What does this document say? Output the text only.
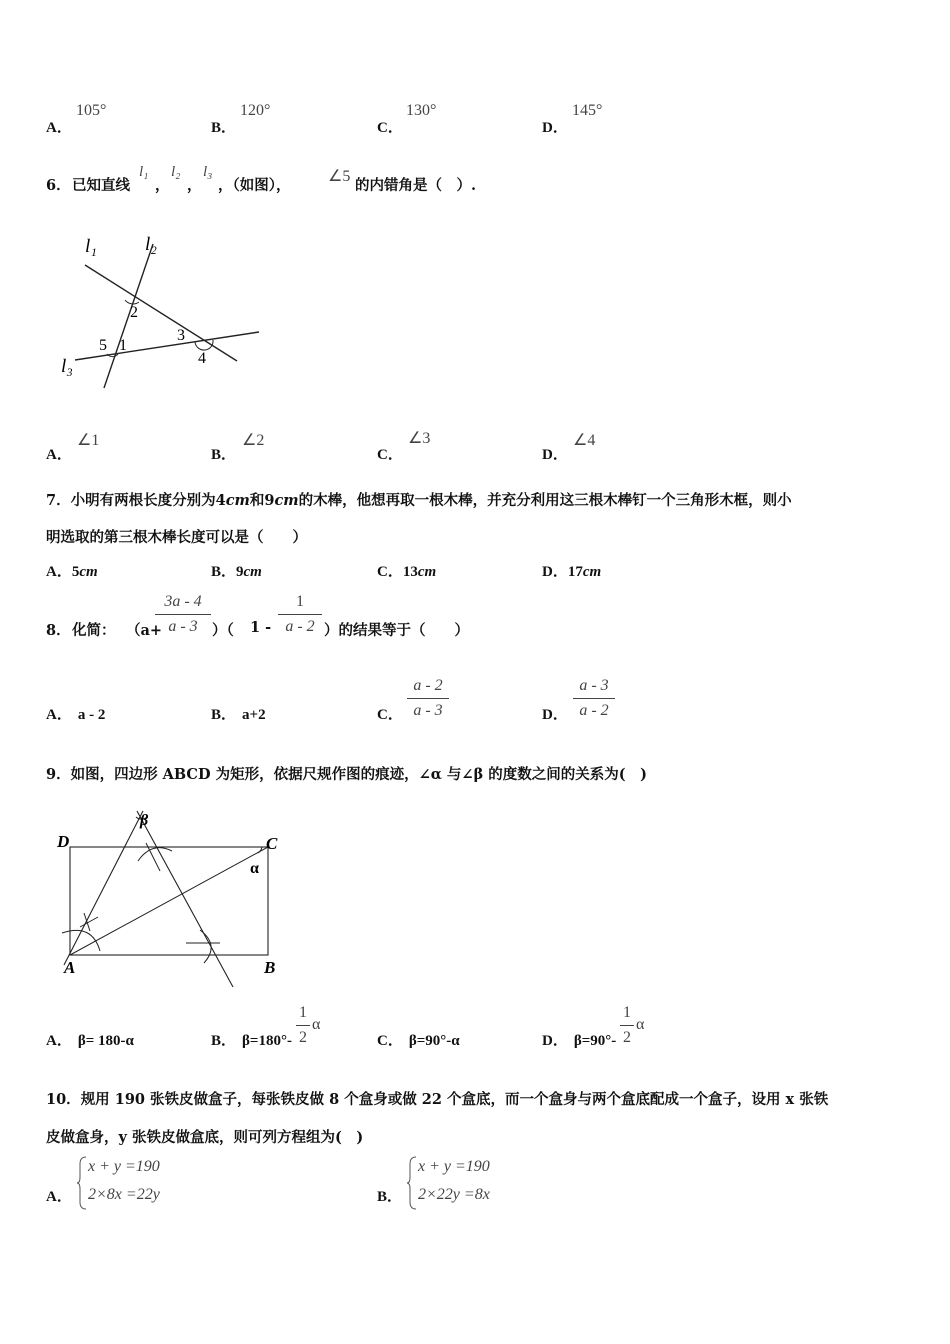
A．
105°
B．
120°
C．
130°
D．
145°
6． 已知直线
l₁
，
l₂
，
l₃
，（如图），
∠5
的内错角是（　）.
l₁	l₂
l₃
1
2
3
4
5
A．
∠1
B．
∠2
C．
∠3
D．
∠4
7．小明有两根长度分别为4cm和9cm的木棒，他想再取一根木棒，并充分利用这三根木棒钉一个三角形木框，则小
明选取的第三根木棒长度可以是（　　）
A．5cm	B．9cm	C．13cm	D．17cm
8． 化简： （a+
3a - 4
a - 3 ）（ 1 -
1
a - 2 ）的结果等于（　　）
A． a - 2	B． a+2	C．
a - 2
a - 3	D．
a - 3
a - 2
9．如图，四边形 ABCD 为矩形，依据尺规作图的痕迹，∠α 与∠β 的度数之间的关系为(　)
A	B
C
D
α
β
A． β= 180-α	B． β=180°-
1
2
α
C． β=90°-α	D． β=90°-
1
2
α
10．规用 190 张铁皮做盒子，每张铁皮做 8 个盒身或做 22 个盒底，而一个盒身与两个盒底配成一个盒子，设用 x 张铁
皮做盒身，y 张铁皮做盒底，则可列方程组为(　)
A．
x + y =190
2×8x =22y	B．
x + y =190
2×22y =8x
